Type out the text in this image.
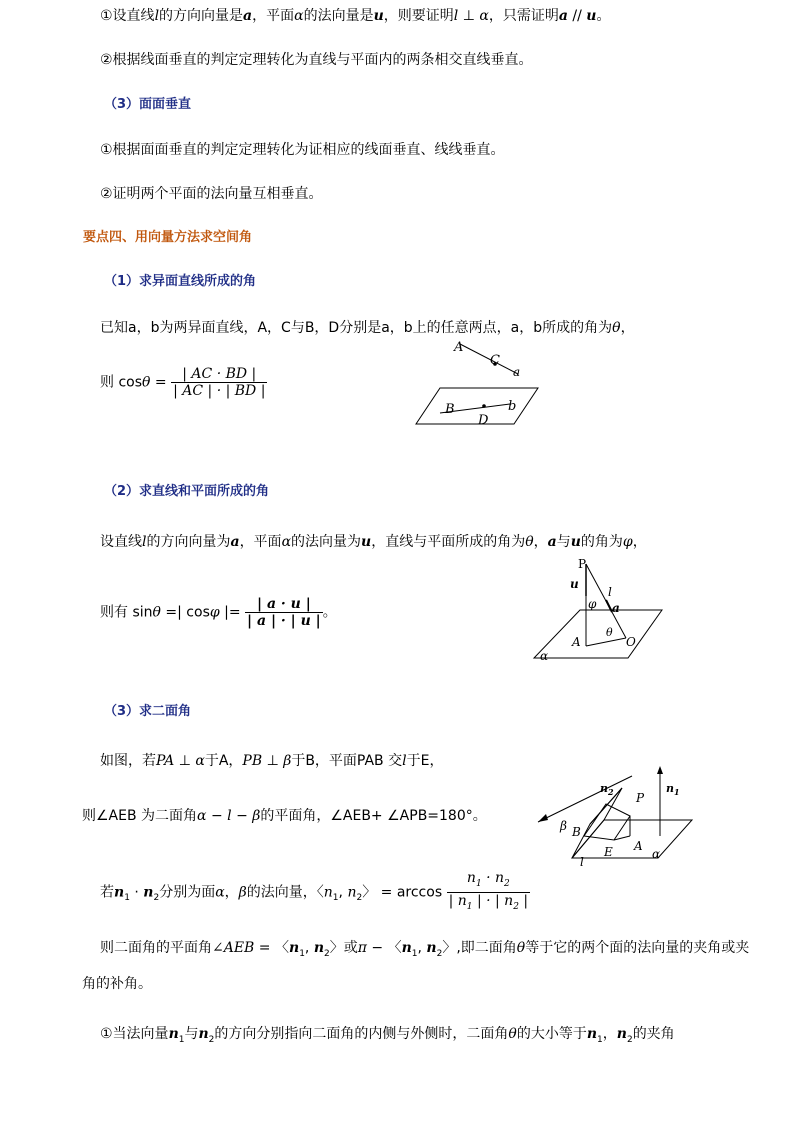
①设直线l的方向向量是a，平面α的法向量是u，则要证明l ⊥ α，只需证明a // u。
②根据线面垂直的判定定理转化为直线与平面内的两条相交直线垂直。
（3）面面垂直
①根据面面垂直的判定定理转化为证相应的线面垂直、线线垂直。
②证明两个平面的法向量互相垂直。
要点四、用向量方法求空间角
（1）求异面直线所成的角
已知a，b为两异面直线，A，C与B，D分别是a，b上的任意两点，a，b所成的角为θ，
则 $\cos\theta = \frac{| AC \cdot BD |}{| AC | \cdot | BD |}$
A
C
a
B
D
b
（2）求直线和平面所成的角
设直线l的方向向量为a，平面α的法向量为u，直线与平面所成的角为θ，a与u的角为φ，
则有 sinθ =| cosφ |= $\frac{| a \cdot u |}{| a | \cdot | u |}$ 。
P
u
l
φ a
θ
A	O
α
（3）求二面角
如图，若PA ⊥ α于A，PB ⊥ β于B，平面PAB 交l于E，
则∠AEB 为二面角α − l − β的平面角，∠AEB+ ∠APB=180°。
若$n_1 \cdot n_2$分别为面α，β的法向量，〈$n_1$, $n_2$〉 = $\arccos \frac{n_1 \cdot n_2}{| n_1 | \cdot | n_2 |}$
则二面角的平面角∠AEB = 〈$n_1$, $n_2$〉或π − 〈$n_1$, $n_2$〉,即二面角θ等于它的两个面的法向量的夹角或夹
角的补角。
①当法向量$n_1$与$n_2$的方向分别指向二面角的内侧与外侧时，二面角θ的大小等于$n_1$，$n_2$的夹角
$n_2$	$n_1$
P
β B
A
E	α
l
